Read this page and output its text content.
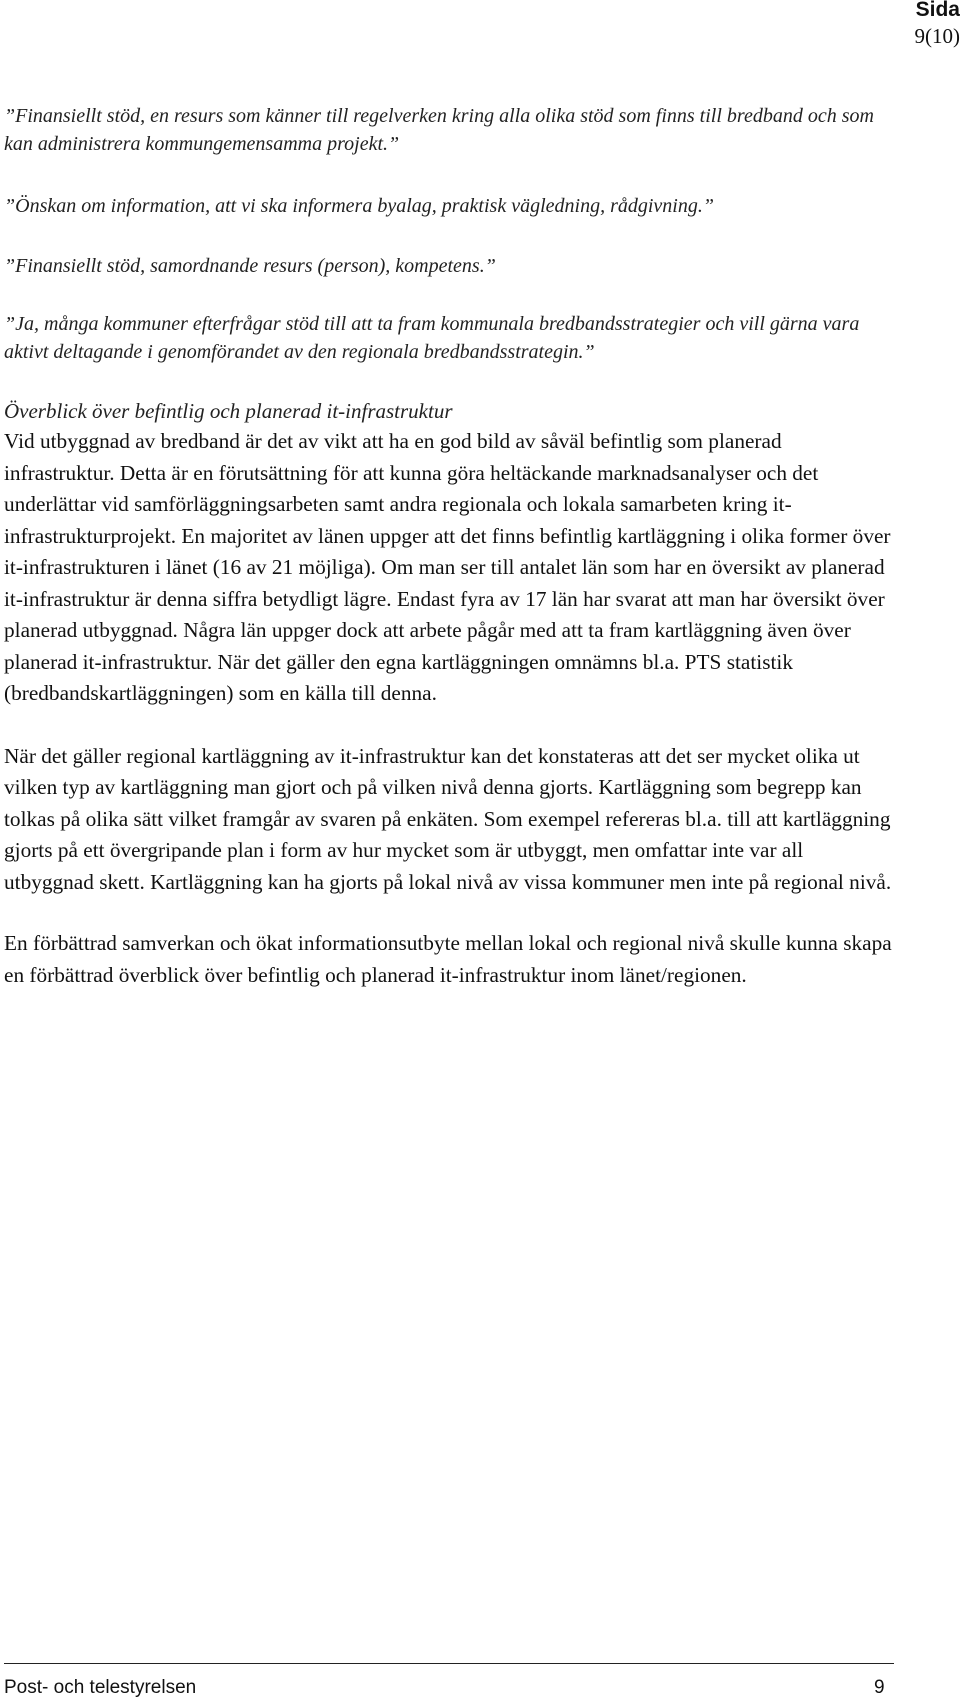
Sida
9(10)

”Finansiellt stöd, en resurs som känner till regelverken kring alla olika stöd som finns till bredband och som kan administrera kommungemensamma projekt.”

”Önskan om information, att vi ska informera byalag, praktisk vägledning, rådgivning.”

”Finansiellt stöd, samordnande resurs (person), kompetens.”

”Ja, många kommuner efterfrågar stöd till att ta fram kommunala bredbandsstrategier och vill gärna vara aktivt deltagande i genomförandet av den regionala bredbandsstrategin.”

Överblick över befintlig och planerad it-infrastruktur

Vid utbyggnad av bredband är det av vikt att ha en god bild av såväl befintlig som planerad infrastruktur. Detta är en förutsättning för att kunna göra heltäckande marknadsanalyser och det underlättar vid samförläggningsarbeten samt andra regionala och lokala samarbeten kring it-infrastrukturprojekt. En majoritet av länen uppger att det finns befintlig kartläggning i olika former över it-infrastrukturen i länet (16 av 21 möjliga). Om man ser till antalet län som har en översikt av planerad it-infrastruktur är denna siffra betydligt lägre. Endast fyra av 17 län har svarat att man har översikt över planerad utbyggnad. Några län uppger dock att arbete pågår med att ta fram kartläggning även över planerad it-infrastruktur. När det gäller den egna kartläggningen omnämns bl.a. PTS statistik (bredbandskartläggningen) som en källa till denna.

När det gäller regional kartläggning av it-infrastruktur kan det konstateras att det ser mycket olika ut vilken typ av kartläggning man gjort och på vilken nivå denna gjorts. Kartläggning som begrepp kan tolkas på olika sätt vilket framgår av svaren på enkäten. Som exempel refereras bl.a. till att kartläggning gjorts på ett övergripande plan i form av hur mycket som är utbyggt, men omfattar inte var all utbyggnad skett. Kartläggning kan ha gjorts på lokal nivå av vissa kommuner men inte på regional nivå.

En förbättrad samverkan och ökat informationsutbyte mellan lokal och regional nivå skulle kunna skapa en förbättrad överblick över befintlig och planerad it-infrastruktur inom länet/regionen.

Post- och telestyrelsen	9
